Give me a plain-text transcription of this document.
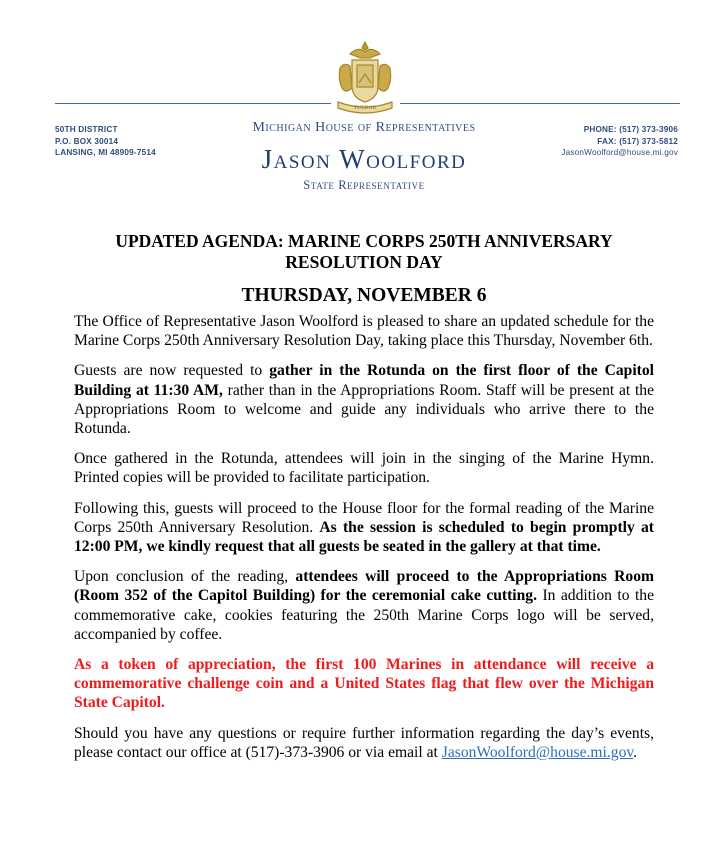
TUEBOR
50TH DISTRICT
P.O. BOX 30014
LANSING, MI 48909-7514
Michigan House of Representatives
Jason Woolford
State Representative
PHONE: (517) 373-3906
FAX: (517) 373-5812
JasonWoolford@house.mi.gov
UPDATED AGENDA: MARINE CORPS 250TH ANNIVERSARY
RESOLUTION DAY
THURSDAY, NOVEMBER 6

The Office of Representative Jason Woolford is pleased to share an updated schedule for the Marine Corps 250th Anniversary Resolution Day, taking place this Thursday, November 6th.

Guests are now requested to gather in the Rotunda on the first floor of the Capitol Building at 11:30 AM, rather than in the Appropriations Room. Staff will be present at the Appropriations Room to welcome and guide any individuals who arrive there to the Rotunda.

Once gathered in the Rotunda, attendees will join in the singing of the Marine Hymn. Printed copies will be provided to facilitate participation.

Following this, guests will proceed to the House floor for the formal reading of the Marine Corps 250th Anniversary Resolution. As the session is scheduled to begin promptly at 12:00 PM, we kindly request that all guests be seated in the gallery at that time.

Upon conclusion of the reading, attendees will proceed to the Appropriations Room (Room 352 of the Capitol Building) for the ceremonial cake cutting. In addition to the commemorative cake, cookies featuring the 250th Marine Corps logo will be served, accompanied by coffee.

As a token of appreciation, the first 100 Marines in attendance will receive a commemorative challenge coin and a United States flag that flew over the Michigan State Capitol.

Should you have any questions or require further information regarding the day’s events, please contact our office at (517)-373-3906 or via email at JasonWoolford@house.mi.gov.
